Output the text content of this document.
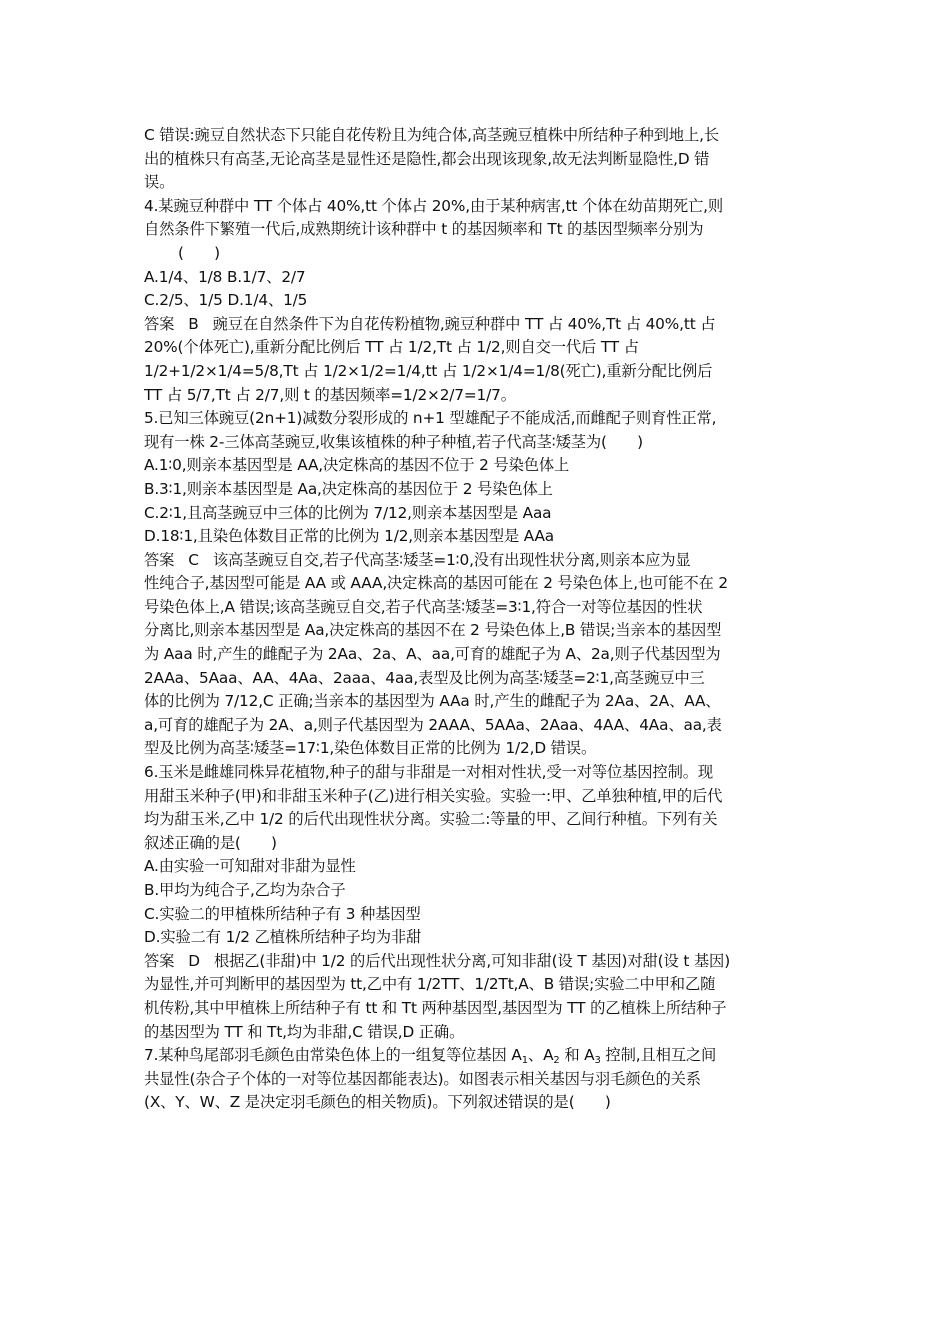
C 错误:豌豆自然状态下只能自花传粉且为纯合体,高茎豌豆植株中所结种子种到地上,长
出的植株只有高茎,无论高茎是显性还是隐性,都会出现该现象,故无法判断显隐性,D 错
误。
4.某豌豆种群中 TT 个体占 40%,tt 个体占 20%,由于某种病害,tt 个体在幼苗期死亡,则
自然条件下繁殖一代后,成熟期统计该种群中 t 的基因频率和 Tt 的基因型频率分别为
(　　)
A.1/4、1/8 B.1/7、2/7
C.2/5、1/5 D.1/4、1/5
答案 B 豌豆在自然条件下为自花传粉植物,豌豆种群中 TT 占 40%,Tt 占 40%,tt 占
20%(个体死亡),重新分配比例后 TT 占 1/2,Tt 占 1/2,则自交一代后 TT 占
1/2+1/2×1/4=5/8,Tt 占 1/2×1/2=1/4,tt 占 1/2×1/4=1/8(死亡),重新分配比例后
TT 占 5/7,Tt 占 2/7,则 t 的基因频率=1/2×2/7=1/7。
5.已知三体豌豆(2n+1)减数分裂形成的 n+1 型雄配子不能成活,而雌配子则育性正常,
现有一株 2-三体高茎豌豆,收集该植株的种子种植,若子代高茎∶矮茎为(　　)
A.1∶0,则亲本基因型是 AA,决定株高的基因不位于 2 号染色体上
B.3∶1,则亲本基因型是 Aa,决定株高的基因位于 2 号染色体上
C.2∶1,且高茎豌豆中三体的比例为 7/12,则亲本基因型是 Aaa
D.18∶1,且染色体数目正常的比例为 1/2,则亲本基因型是 AAa
答案 C 该高茎豌豆自交,若子代高茎∶矮茎=1∶0,没有出现性状分离,则亲本应为显
性纯合子,基因型可能是 AA 或 AAA,决定株高的基因可能在 2 号染色体上,也可能不在 2
号染色体上,A 错误;该高茎豌豆自交,若子代高茎∶矮茎=3∶1,符合一对等位基因的性状
分离比,则亲本基因型是 Aa,决定株高的基因不在 2 号染色体上,B 错误;当亲本的基因型
为 Aaa 时,产生的雌配子为 2Aa、2a、A、aa,可育的雄配子为 A、2a,则子代基因型为
2AAa、5Aaa、AA、4Aa、2aaa、4aa,表型及比例为高茎∶矮茎=2∶1,高茎豌豆中三
体的比例为 7/12,C 正确;当亲本的基因型为 AAa 时,产生的雌配子为 2Aa、2A、AA、
a,可育的雄配子为 2A、a,则子代基因型为 2AAA、5AAa、2Aaa、4AA、4Aa、aa,表
型及比例为高茎∶矮茎=17∶1,染色体数目正常的比例为 1/2,D 错误。
6.玉米是雌雄同株异花植物,种子的甜与非甜是一对相对性状,受一对等位基因控制。现
用甜玉米种子(甲)和非甜玉米种子(乙)进行相关实验。实验一:甲、乙单独种植,甲的后代
均为甜玉米,乙中 1/2 的后代出现性状分离。实验二:等量的甲、乙间行种植。下列有关
叙述正确的是(　　)
A.由实验一可知甜对非甜为显性
B.甲均为纯合子,乙均为杂合子
C.实验二的甲植株所结种子有 3 种基因型
D.实验二有 1/2 乙植株所结种子均为非甜
答案 D 根据乙(非甜)中 1/2 的后代出现性状分离,可知非甜(设 T 基因)对甜(设 t 基因)
为显性,并可判断甲的基因型为 tt,乙中有 1/2TT、1/2Tt,A、B 错误;实验二中甲和乙随
机传粉,其中甲植株上所结种子有 tt 和 Tt 两种基因型,基因型为 TT 的乙植株上所结种子
的基因型为 TT 和 Tt,均为非甜,C 错误,D 正确。
7.某种鸟尾部羽毛颜色由常染色体上的一组复等位基因 $A_1$、$A_2$ 和 $A_3$ 控制,且相互之间
共显性(杂合子个体的一对等位基因都能表达)。如图表示相关基因与羽毛颜色的关系
(X、Y、W、Z 是决定羽毛颜色的相关物质)。下列叙述错误的是(　　)
